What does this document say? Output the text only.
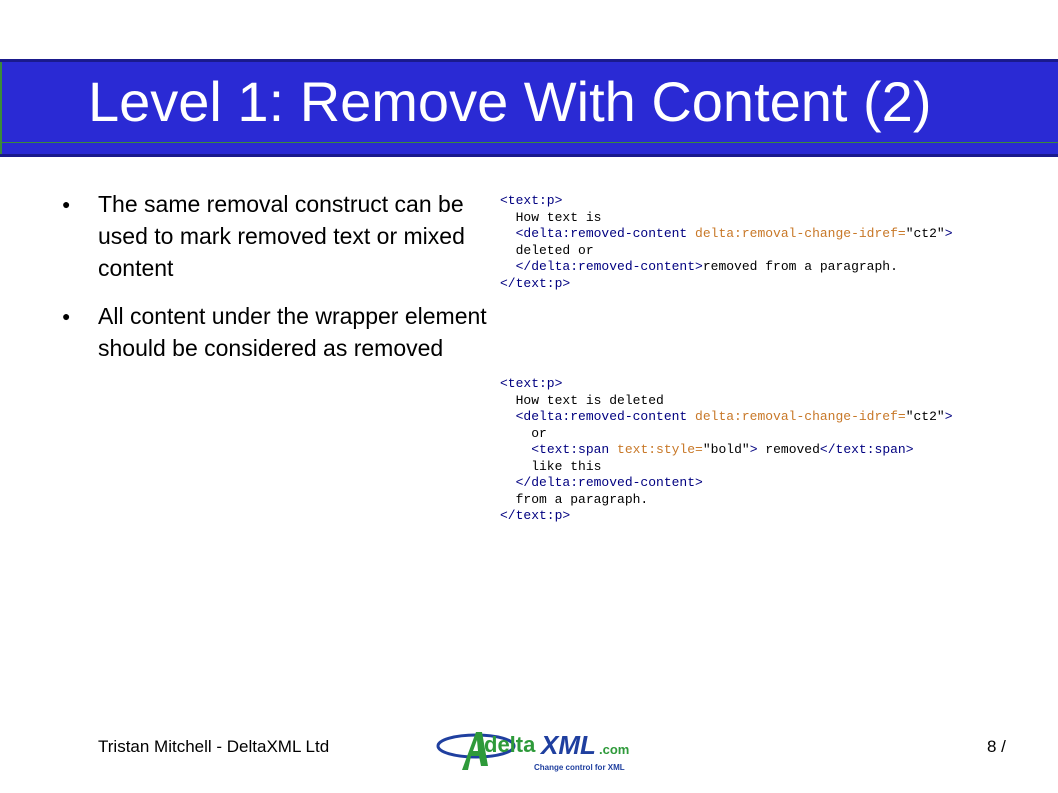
Level 1: Remove With Content (2)
● The same removal construct can be used to mark removed text or mixed content
● All content under the wrapper element should be considered as removed
<text:p>
How text is
<delta:removed-content delta:removal-change-idref="ct2">
deleted or
</delta:removed-content>removed from a paragraph.
</text:p>
<text:p>
How text is deleted
<delta:removed-content delta:removal-change-idref="ct2">
or
<text:span text:style="bold"> removed</text:span>
like this
</delta:removed-content>
from a paragraph.
</text:p>
Tristan Mitchell - DeltaXML Ltd	delta XML .com
Change control for XML
8 /
